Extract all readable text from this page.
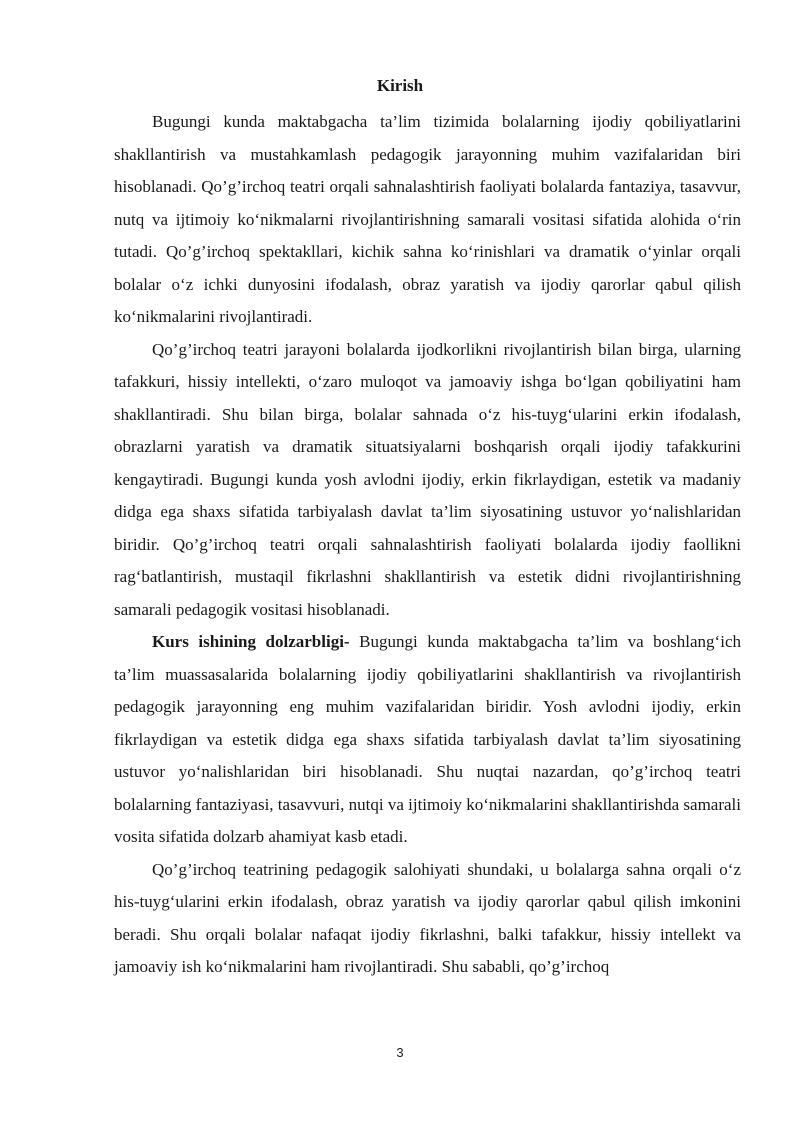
Kirish

Bugungi kunda maktabgacha ta’lim tizimida bolalarning ijodiy qobiliyatlarini shakllantirish va mustahkamlash pedagogik jarayonning muhim vazifalaridan biri hisoblanadi. Qo’g’irchoq teatri orqali sahnalashtirish faoliyati bolalarda fantaziya, tasavvur, nutq va ijtimoiy ko‘nikmalarni rivojlantirishning samarali vositasi sifatida alohida o‘rin tutadi. Qo’g’irchoq spektakllari, kichik sahna ko‘rinishlari va dramatik o‘yinlar orqali bolalar o‘z ichki dunyosini ifodalash, obraz yaratish va ijodiy qarorlar qabul qilish ko‘nikmalarini rivojlantiradi.

Qo’g’irchoq teatri jarayoni bolalarda ijodkorlikni rivojlantirish bilan birga, ularning tafakkuri, hissiy intellekti, o‘zaro muloqot va jamoaviy ishga bo‘lgan qobiliyatini ham shakllantiradi. Shu bilan birga, bolalar sahnada o‘z his-tuyg‘ularini erkin ifodalash, obrazlarni yaratish va dramatik situatsiyalarni boshqarish orqali ijodiy tafakkurini kengaytiradi. Bugungi kunda yosh avlodni ijodiy, erkin fikrlaydigan, estetik va madaniy didga ega shaxs sifatida tarbiyalash davlat ta’lim siyosatining ustuvor yo‘nalishlaridan biridir. Qo’g’irchoq teatri orqali sahnalashtirish faoliyati bolalarda ijodiy faollikni rag‘batlantirish, mustaqil fikrlashni shakllantirish va estetik didni rivojlantirishning samarali pedagogik vositasi hisoblanadi.

Kurs ishining dolzarbligi- Bugungi kunda maktabgacha ta’lim va boshlang‘ich ta’lim muassasalarida bolalarning ijodiy qobiliyatlarini shakllantirish va rivojlantirish pedagogik jarayonning eng muhim vazifalaridan biridir. Yosh avlodni ijodiy, erkin fikrlaydigan va estetik didga ega shaxs sifatida tarbiyalash davlat ta’lim siyosatining ustuvor yo‘nalishlaridan biri hisoblanadi. Shu nuqtai nazardan, qo’g’irchoq teatri bolalarning fantaziyasi, tasavvuri, nutqi va ijtimoiy ko‘nikmalarini shakllantirishda samarali vosita sifatida dolzarb ahamiyat kasb etadi.

Qo’g’irchoq teatrining pedagogik salohiyati shundaki, u bolalarga sahna orqali o‘z his-tuyg‘ularini erkin ifodalash, obraz yaratish va ijodiy qarorlar qabul qilish imkonini beradi. Shu orqali bolalar nafaqat ijodiy fikrlashni, balki tafakkur, hissiy intellekt va jamoaviy ish ko‘nikmalarini ham rivojlantiradi. Shu sababli, qo’g’irchoq

3
